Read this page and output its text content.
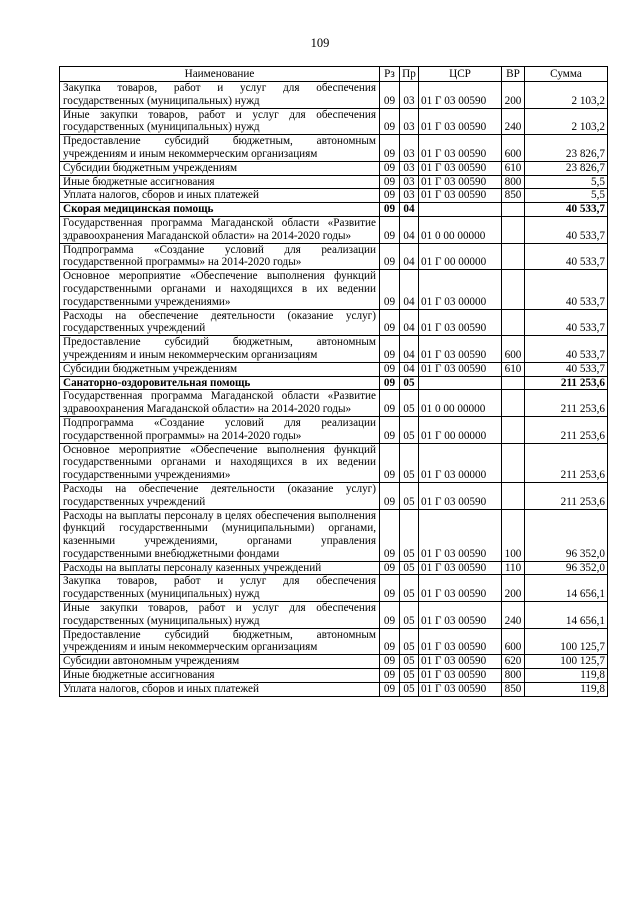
109
Наименование	Рз	Пр	ЦСР	ВР	Сумма
Закупка товаров, работ и услуг для обеспечения государственных (муниципальных) нужд	09	03	01 Г 03 00590	200	2 103,2
Иные закупки товаров, работ и услуг для обеспечения государственных (муниципальных) нужд	09	03	01 Г 03 00590	240	2 103,2
Предоставление субсидий бюджетным, автономным учреждениям и иным некоммерческим организациям	09	03	01 Г 03 00590	600	23 826,7
Субсидии бюджетным учреждениям	09	03	01 Г 03 00590	610	23 826,7
Иные бюджетные ассигнования	09	03	01 Г 03 00590	800	5,5
Уплата налогов, сборов и иных платежей	09	03	01 Г 03 00590	850	5,5
Скорая медицинская помощь	09	04			40 533,7
Государственная программа Магаданской области «Развитие здравоохранения Магаданской области» на 2014-2020 годы»	09	04	01 0 00 00000		40 533,7
Подпрограмма «Создание условий для реализации государственной программы» на 2014-2020 годы»	09	04	01 Г 00 00000		40 533,7
Основное мероприятие «Обеспечение выполнения функций государственными органами и находящихся в их ведении государственными учреждениями»	09	04	01 Г 03 00000		40 533,7
Расходы на обеспечение деятельности (оказание услуг) государственных учреждений	09	04	01 Г 03 00590		40 533,7
Предоставление субсидий бюджетным, автономным учреждениям и иным некоммерческим организациям	09	04	01 Г 03 00590	600	40 533,7
Субсидии бюджетным учреждениям	09	04	01 Г 03 00590	610	40 533,7
Санаторно-оздоровительная помощь	09	05			211 253,6
Государственная программа Магаданской области «Развитие здравоохранения Магаданской области» на 2014-2020 годы»	09	05	01 0 00 00000		211 253,6
Подпрограмма «Создание условий для реализации государственной программы» на 2014-2020 годы»	09	05	01 Г 00 00000		211 253,6
Основное мероприятие «Обеспечение выполнения функций государственными органами и находящихся в их ведении государственными учреждениями»	09	05	01 Г 03 00000		211 253,6
Расходы на обеспечение деятельности (оказание услуг) государственных учреждений	09	05	01 Г 03 00590		211 253,6
Расходы на выплаты персоналу в целях обеспечения выполнения функций государственными (муниципальными) органами, казенными учреждениями, органами управления государственными внебюджетными фондами	09	05	01 Г 03 00590	100	96 352,0
Расходы на выплаты персоналу казенных учреждений	09	05	01 Г 03 00590	110	96 352,0
Закупка товаров, работ и услуг для обеспечения государственных (муниципальных) нужд	09	05	01 Г 03 00590	200	14 656,1
Иные закупки товаров, работ и услуг для обеспечения государственных (муниципальных) нужд	09	05	01 Г 03 00590	240	14 656,1
Предоставление субсидий бюджетным, автономным учреждениям и иным некоммерческим организациям	09	05	01 Г 03 00590	600	100 125,7
Субсидии автономным учреждениям	09	05	01 Г 03 00590	620	100 125,7
Иные бюджетные ассигнования	09	05	01 Г 03 00590	800	119,8
Уплата налогов, сборов и иных платежей	09	05	01 Г 03 00590	850	119,8
